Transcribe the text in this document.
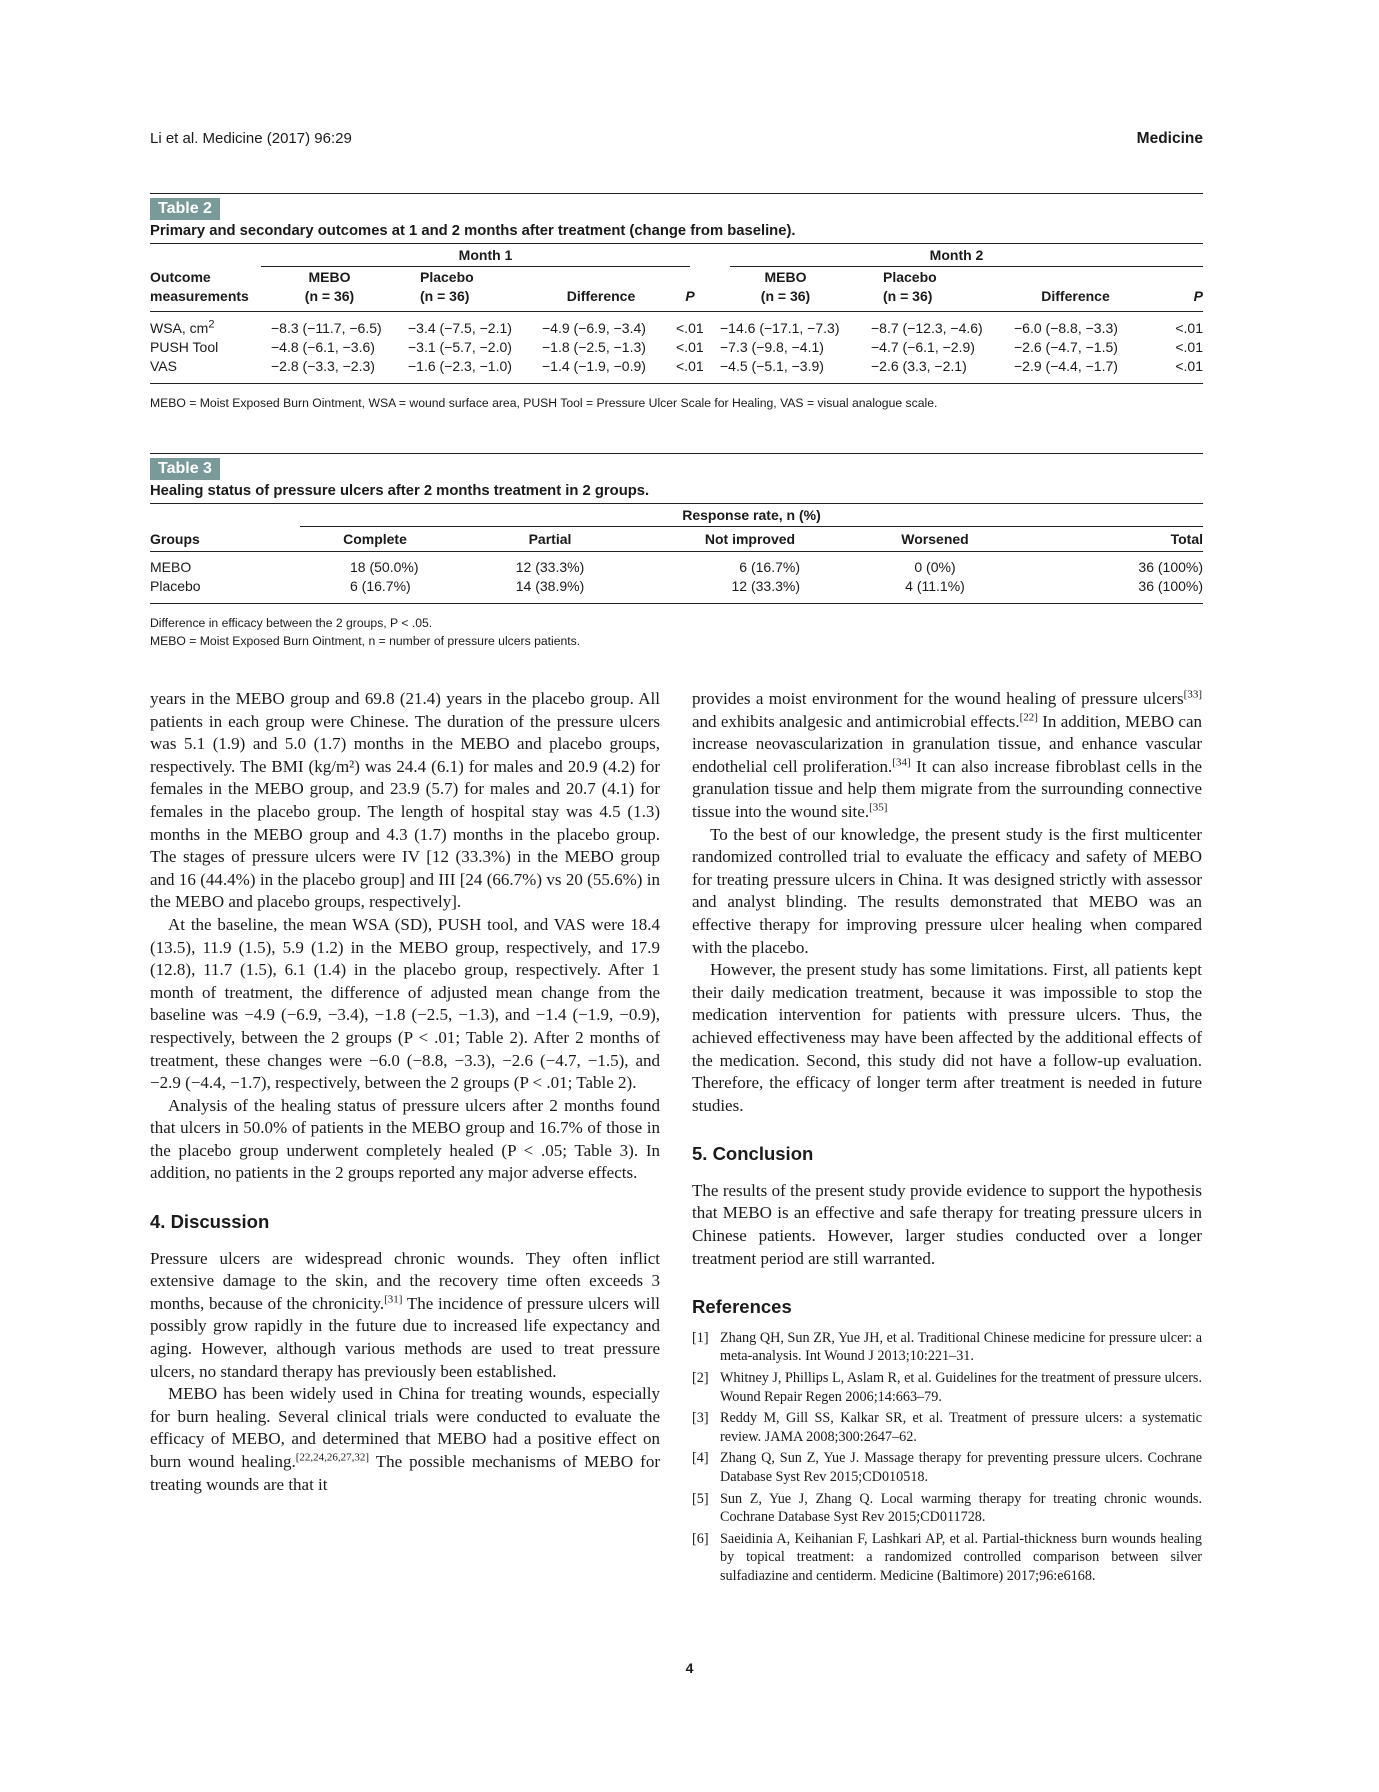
Li et al. Medicine (2017) 96:29	Medicine
Table 2
Primary and secondary outcomes at 1 and 2 months after treatment (change from baseline).
	Month 1				Month 2			

Outcome	MEBO	Placebo			MEBO	Placebo		
measurements	(n = 36)	(n = 36)	Difference	P	(n = 36)	(n = 36)	Difference	P

WSA, $cm^2$	−8.3 (−11.7, −6.5)	−3.4 (−7.5, −2.1)	−4.9 (−6.9, −3.4)	<.01	−14.6 (−17.1, −7.3)	−8.7 (−12.3, −4.6)	−6.0 (−8.8, −3.3)	<.01
PUSH Tool	−4.8 (−6.1, −3.6)	−3.1 (−5.7, −2.0)	−1.8 (−2.5, −1.3)	<.01	−7.3 (−9.8, −4.1)	−4.7 (−6.1, −2.9)	−2.6 (−4.7, −1.5)	<.01
VAS	−2.8 (−3.3, −2.3)	−1.6 (−2.3, −1.0)	−1.4 (−1.9, −0.9)	<.01	−4.5 (−5.1, −3.9)	−2.6 (3.3, −2.1)	−2.9 (−4.4, −1.7)	<.01

MEBO = Moist Exposed Burn Ointment, WSA = wound surface area, PUSH Tool = Pressure Ulcer Scale for Healing, VAS = visual analogue scale.
Table 3
Healing status of pressure ulcers after 2 months treatment in 2 groups.
	Response rate, n (%)				

Groups	Complete	Partial	Not improved	Worsened	Total

MEBO	18 (50.0%)	12 (33.3%)	6 (16.7%)	0 (0%)	36 (100%)
Placebo	6 (16.7%)	14 (38.9%)	12 (33.3%)	4 (11.1%)	36 (100%)

Difference in efficacy between the 2 groups, P < .05.
MEBO = Moist Exposed Burn Ointment, n = number of pressure ulcers patients.

years in the MEBO group and 69.8 (21.4) years in the placebo group. All patients in each group were Chinese. The duration of the pressure ulcers was 5.1 (1.9) and 5.0 (1.7) months in the MEBO and placebo groups, respectively. The BMI (kg/m²) was 24.4 (6.1) for males and 20.9 (4.2) for females in the MEBO group, and 23.9 (5.7) for males and 20.7 (4.1) for females in the placebo group. The length of hospital stay was 4.5 (1.3) months in the MEBO group and 4.3 (1.7) months in the placebo group. The stages of pressure ulcers were IV [12 (33.3%) in the MEBO group and 16 (44.4%) in the placebo group] and III [24 (66.7%) vs 20 (55.6%) in the MEBO and placebo groups, respectively].

At the baseline, the mean WSA (SD), PUSH tool, and VAS were 18.4 (13.5), 11.9 (1.5), 5.9 (1.2) in the MEBO group, respectively, and 17.9 (12.8), 11.7 (1.5), 6.1 (1.4) in the placebo group, respectively. After 1 month of treatment, the difference of adjusted mean change from the baseline was −4.9 (−6.9, −3.4), −1.8 (−2.5, −1.3), and −1.4 (−1.9, −0.9), respectively, between the 2 groups (P < .01; Table 2). After 2 months of treatment, these changes were −6.0 (−8.8, −3.3), −2.6 (−4.7, −1.5), and −2.9 (−4.4, −1.7), respectively, between the 2 groups (P < .01; Table 2).

Analysis of the healing status of pressure ulcers after 2 months found that ulcers in 50.0% of patients in the MEBO group and 16.7% of those in the placebo group underwent completely healed (P < .05; Table 3). In addition, no patients in the 2 groups reported any major adverse effects.

4. Discussion

Pressure ulcers are widespread chronic wounds. They often inflict extensive damage to the skin, and the recovery time often exceeds 3 months, because of the chronicity.[31] The incidence of pressure ulcers will possibly grow rapidly in the future due to increased life expectancy and aging. However, although various methods are used to treat pressure ulcers, no standard therapy has previously been established.

MEBO has been widely used in China for treating wounds, especially for burn healing. Several clinical trials were conducted to evaluate the efficacy of MEBO, and determined that MEBO had a positive effect on burn wound healing.[22,24,26,27,32] The possible mechanisms of MEBO for treating wounds are that it

provides a moist environment for the wound healing of pressure ulcers[33] and exhibits analgesic and antimicrobial effects.[22] In addition, MEBO can increase neovascularization in granulation tissue, and enhance vascular endothelial cell proliferation.[34] It can also increase fibroblast cells in the granulation tissue and help them migrate from the surrounding connective tissue into the wound site.[35]

To the best of our knowledge, the present study is the first multicenter randomized controlled trial to evaluate the efficacy and safety of MEBO for treating pressure ulcers in China. It was designed strictly with assessor and analyst blinding. The results demonstrated that MEBO was an effective therapy for improving pressure ulcer healing when compared with the placebo.

However, the present study has some limitations. First, all patients kept their daily medication treatment, because it was impossible to stop the medication intervention for patients with pressure ulcers. Thus, the achieved effectiveness may have been affected by the additional effects of the medication. Second, this study did not have a follow-up evaluation. Therefore, the efficacy of longer term after treatment is needed in future studies.

5. Conclusion

The results of the present study provide evidence to support the hypothesis that MEBO is an effective and safe therapy for treating pressure ulcers in Chinese patients. However, larger studies conducted over a longer treatment period are still warranted.

References
[1] Zhang QH, Sun ZR, Yue JH, et al. Traditional Chinese medicine for pressure ulcer: a meta-analysis. Int Wound J 2013;10:221–31.
[2] Whitney J, Phillips L, Aslam R, et al. Guidelines for the treatment of pressure ulcers. Wound Repair Regen 2006;14:663–79.
[3] Reddy M, Gill SS, Kalkar SR, et al. Treatment of pressure ulcers: a systematic review. JAMA 2008;300:2647–62.
[4] Zhang Q, Sun Z, Yue J. Massage therapy for preventing pressure ulcers. Cochrane Database Syst Rev 2015;CD010518.
[5] Sun Z, Yue J, Zhang Q. Local warming therapy for treating chronic wounds. Cochrane Database Syst Rev 2015;CD011728.
[6] Saeidinia A, Keihanian F, Lashkari AP, et al. Partial-thickness burn wounds healing by topical treatment: a randomized controlled comparison between silver sulfadiazine and centiderm. Medicine (Baltimore) 2017;96:e6168.
4
